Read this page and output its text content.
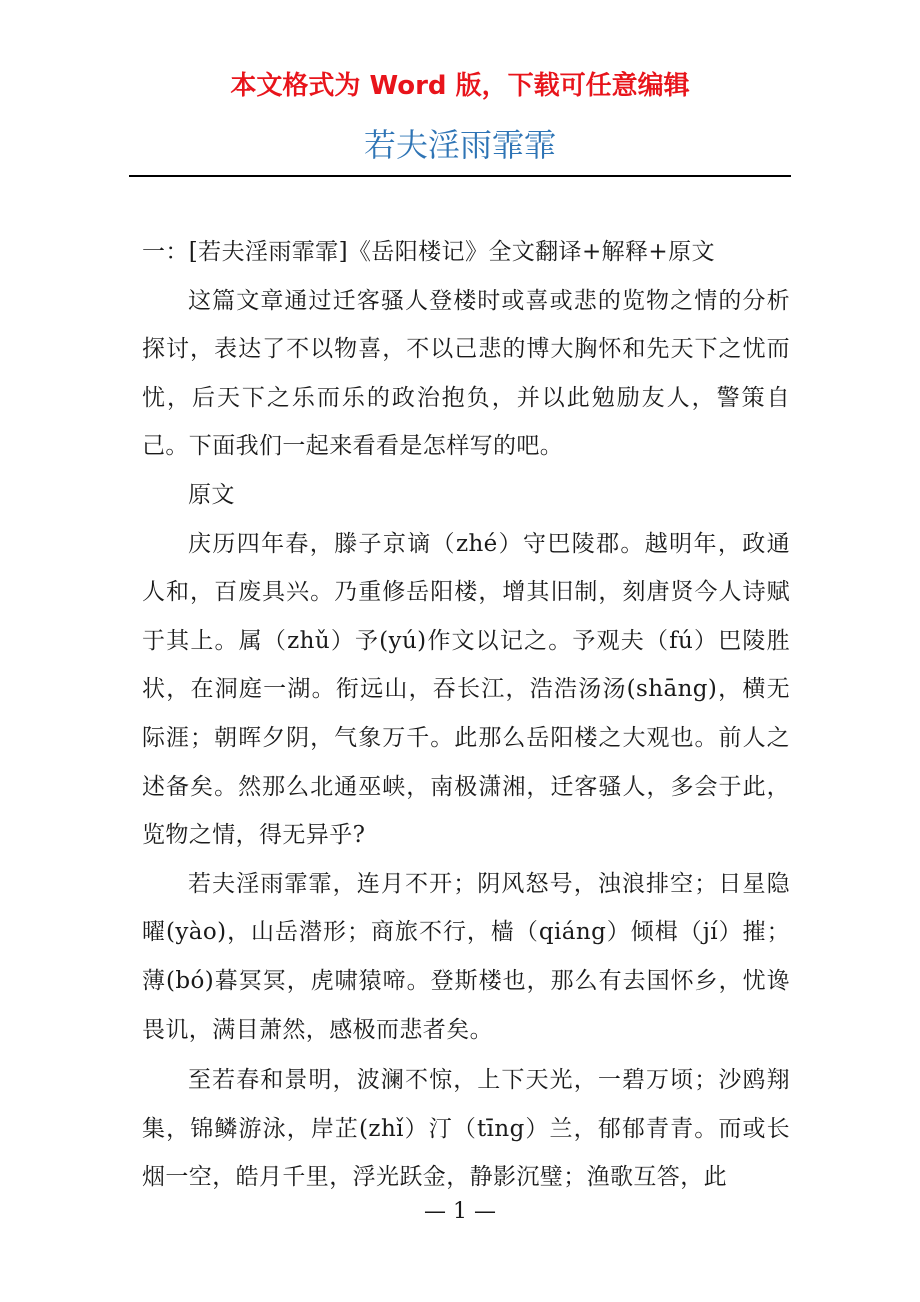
本文格式为 Word 版，下载可任意编辑
若夫淫雨霏霏

一：[若夫淫雨霏霏]《岳阳楼记》全文翻译+解释+原文

这篇文章通过迁客骚人登楼时或喜或悲的览物之情的分析探讨，表达了不以物喜，不以己悲的博大胸怀和先天下之忧而忧，后天下之乐而乐的政治抱负，并以此勉励友人，警策自己。下面我们一起来看看是怎样写的吧。

原文

庆历四年春，滕子京谪（zhé）守巴陵郡。越明年，政通人和，百废具兴。乃重修岳阳楼，增其旧制，刻唐贤今人诗赋于其上。属（zhǔ）予(yú)作文以记之。予观夫（fú）巴陵胜状，在洞庭一湖。衔远山，吞长江，浩浩汤汤(shāng)，横无际涯；朝晖夕阴，气象万千。此那么岳阳楼之大观也。前人之述备矣。然那么北通巫峡，南极潇湘，迁客骚人，多会于此，览物之情，得无异乎?

若夫淫雨霏霏，连月不开；阴风怒号，浊浪排空；日星隐曜(yào)，山岳潜形；商旅不行，樯（qiáng）倾楫（jí）摧；薄(bó)暮冥冥，虎啸猿啼。登斯楼也，那么有去国怀乡，忧谗畏讥，满目萧然，感极而悲者矣。

至若春和景明，波澜不惊，上下天光，一碧万顷；沙鸥翔集，锦鳞游泳，岸芷(zhǐ）汀（tīng）兰，郁郁青青。而或长烟一空，皓月千里，浮光跃金，静影沉璧；渔歌互答，此

— 1 —
